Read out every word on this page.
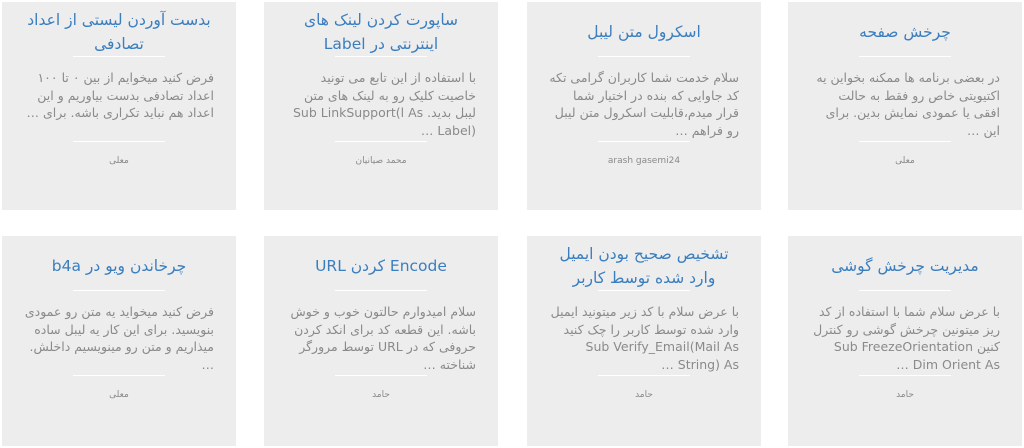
بدست آوردن لیستی از اعداد تصادفی

فرض کنید میخوایم از بین ۰ تا ۱۰۰ اعداد تصادفی بدست بیاوریم و این اعداد هم نباید تکراری باشه. برای …

معلی
ساپورت کردن لینک های اینترنتی در Label

با استفاده از این تابع می تونید خاصیت کلیک رو به لینک های متن لیبل بدید. Sub LinkSupport(l As Label) …

محمد صیانیان
اسکرول متن لیبل

سلام خدمت شما کاربران گرامی تکه کد جاوایی که بنده در اختیار شما قرار میدم،قابلیت اسکرول متن لیبل رو فراهم …

arash gasemi24
چرخش صفحه

در بعضی برنامه ها ممکنه بخواین یه اکتیویتی خاص رو فقط به حالت افقی یا عمودی نمایش بدین. برای این …

معلی
چرخاندن ویو در b4a

فرض کنید میخواید یه متن رو عمودی بنویسید. برای این کار یه لیبل ساده میذاریم و متن رو مینویسیم داخلش. …

معلی
Encode کردن URL

سلام امیدوارم حالتون خوب و خوش باشه. این قطعه کد برای انکد کردن حروفی که در URL توسط مرورگر شناخته …

حامد
تشخیص صحیح بودن ایمیل وارد شده توسط کاربر

با عرض سلام با کد زیر میتونید ایمیل وارد شده توسط کاربر را چک کنید Sub Verify_Email(Mail As String) As …

حامد
مدیریت چرخش گوشی

با عرض سلام شما با استفاده از کد ریز میتونین چرخش گوشی رو کنترل کنین Sub FreezeOrientation Dim Orient As …

حامد
